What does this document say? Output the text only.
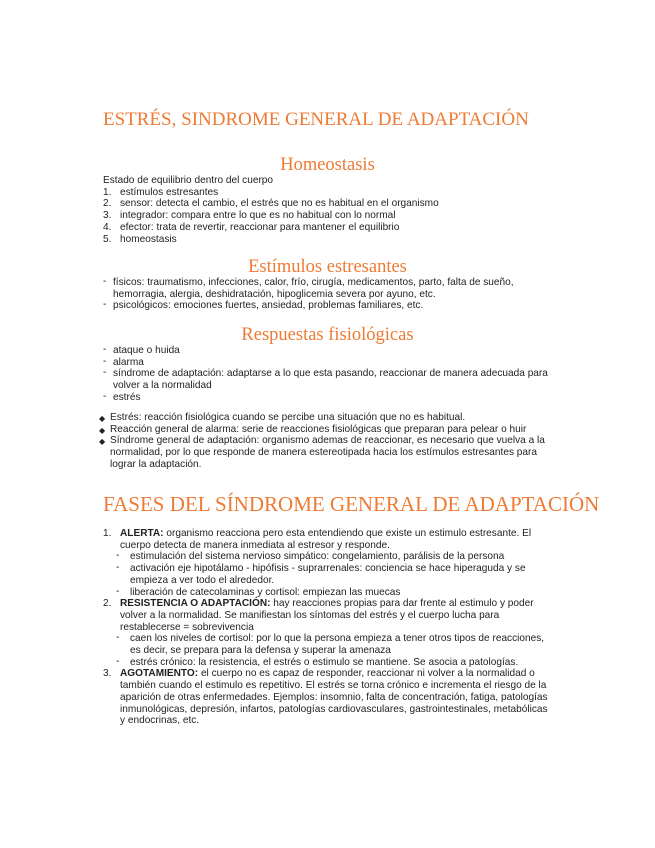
ESTRÉS, SINDROME GENERAL DE ADAPTACIÓN
Homeostasis
Estado de equilibrio dentro del cuerpo
1. estímulos estresantes
2. sensor: detecta el cambio, el estrés que no es habitual en el organismo
3. integrador: compara entre lo que es no habitual con lo normal
4. efector: trata de revertir, reaccionar para mantener el equilibrio
5. homeostasis
Estímulos estresantes
- físicos: traumatismo, infecciones, calor, frío, cirugía, medicamentos, parto, falta de sueño, hemorragia, alergia, deshidratación, hipoglicemia severa por ayuno, etc.
- psicológicos: emociones fuertes, ansiedad, problemas familiares, etc.
Respuestas fisiológicas
- ataque o huida
- alarma
- síndrome de adaptación: adaptarse a lo que esta pasando, reaccionar de manera adecuada para volver a la normalidad
- estrés
◆ Estrés: reacción fisiológica cuando se percibe una situación que no es habitual.
◆ Reacción general de alarma: serie de reacciones fisiológicas que preparan para pelear o huir
◆ Síndrome general de adaptación: organismo ademas de reaccionar, es necesario que vuelva a la normalidad, por lo que responde de manera estereotipada hacia los estímulos estresantes para lograr la adaptación.
FASES DEL SÍNDROME GENERAL DE ADAPTACIÓN
1. ALERTA: organismo reacciona pero esta entendiendo que existe un estimulo estresante. El cuerpo detecta de manera inmediata al estresor y responde.
- estimulación del sistema nervioso simpático: congelamiento, parálisis de la persona
- activación eje hipotálamo - hipófisis - suprarrenales: conciencia se hace hiperaguda y se empieza a ver todo el alrededor.
- liberación de catecolaminas y cortisol: empiezan las muecas
2. RESISTENCIA O ADAPTACIÓN: hay reacciones propias para dar frente al estimulo y poder volver a la normalidad. Se manifiestan los síntomas del estrés y el cuerpo lucha para restablecerse = sobrevivencia
- caen los niveles de cortisol: por lo que la persona empieza a tener otros tipos de reacciones, es decir, se prepara para la defensa y superar la amenaza
- estrés crónico: la resistencia, el estrés o estimulo se mantiene. Se asocia a patologías.
3. AGOTAMIENTO: el cuerpo no es capaz de responder, reaccionar ni volver a la normalidad o también cuando el estimulo es repetitivo. El estrés se torna crónico e incrementa el riesgo de la aparición de otras enfermedades. Ejemplos: insomnio, falta de concentración, fatiga, patologías inmunológicas, depresión, infartos, patologías cardiovasculares, gastrointestinales, metabólicas y endocrinas, etc.
